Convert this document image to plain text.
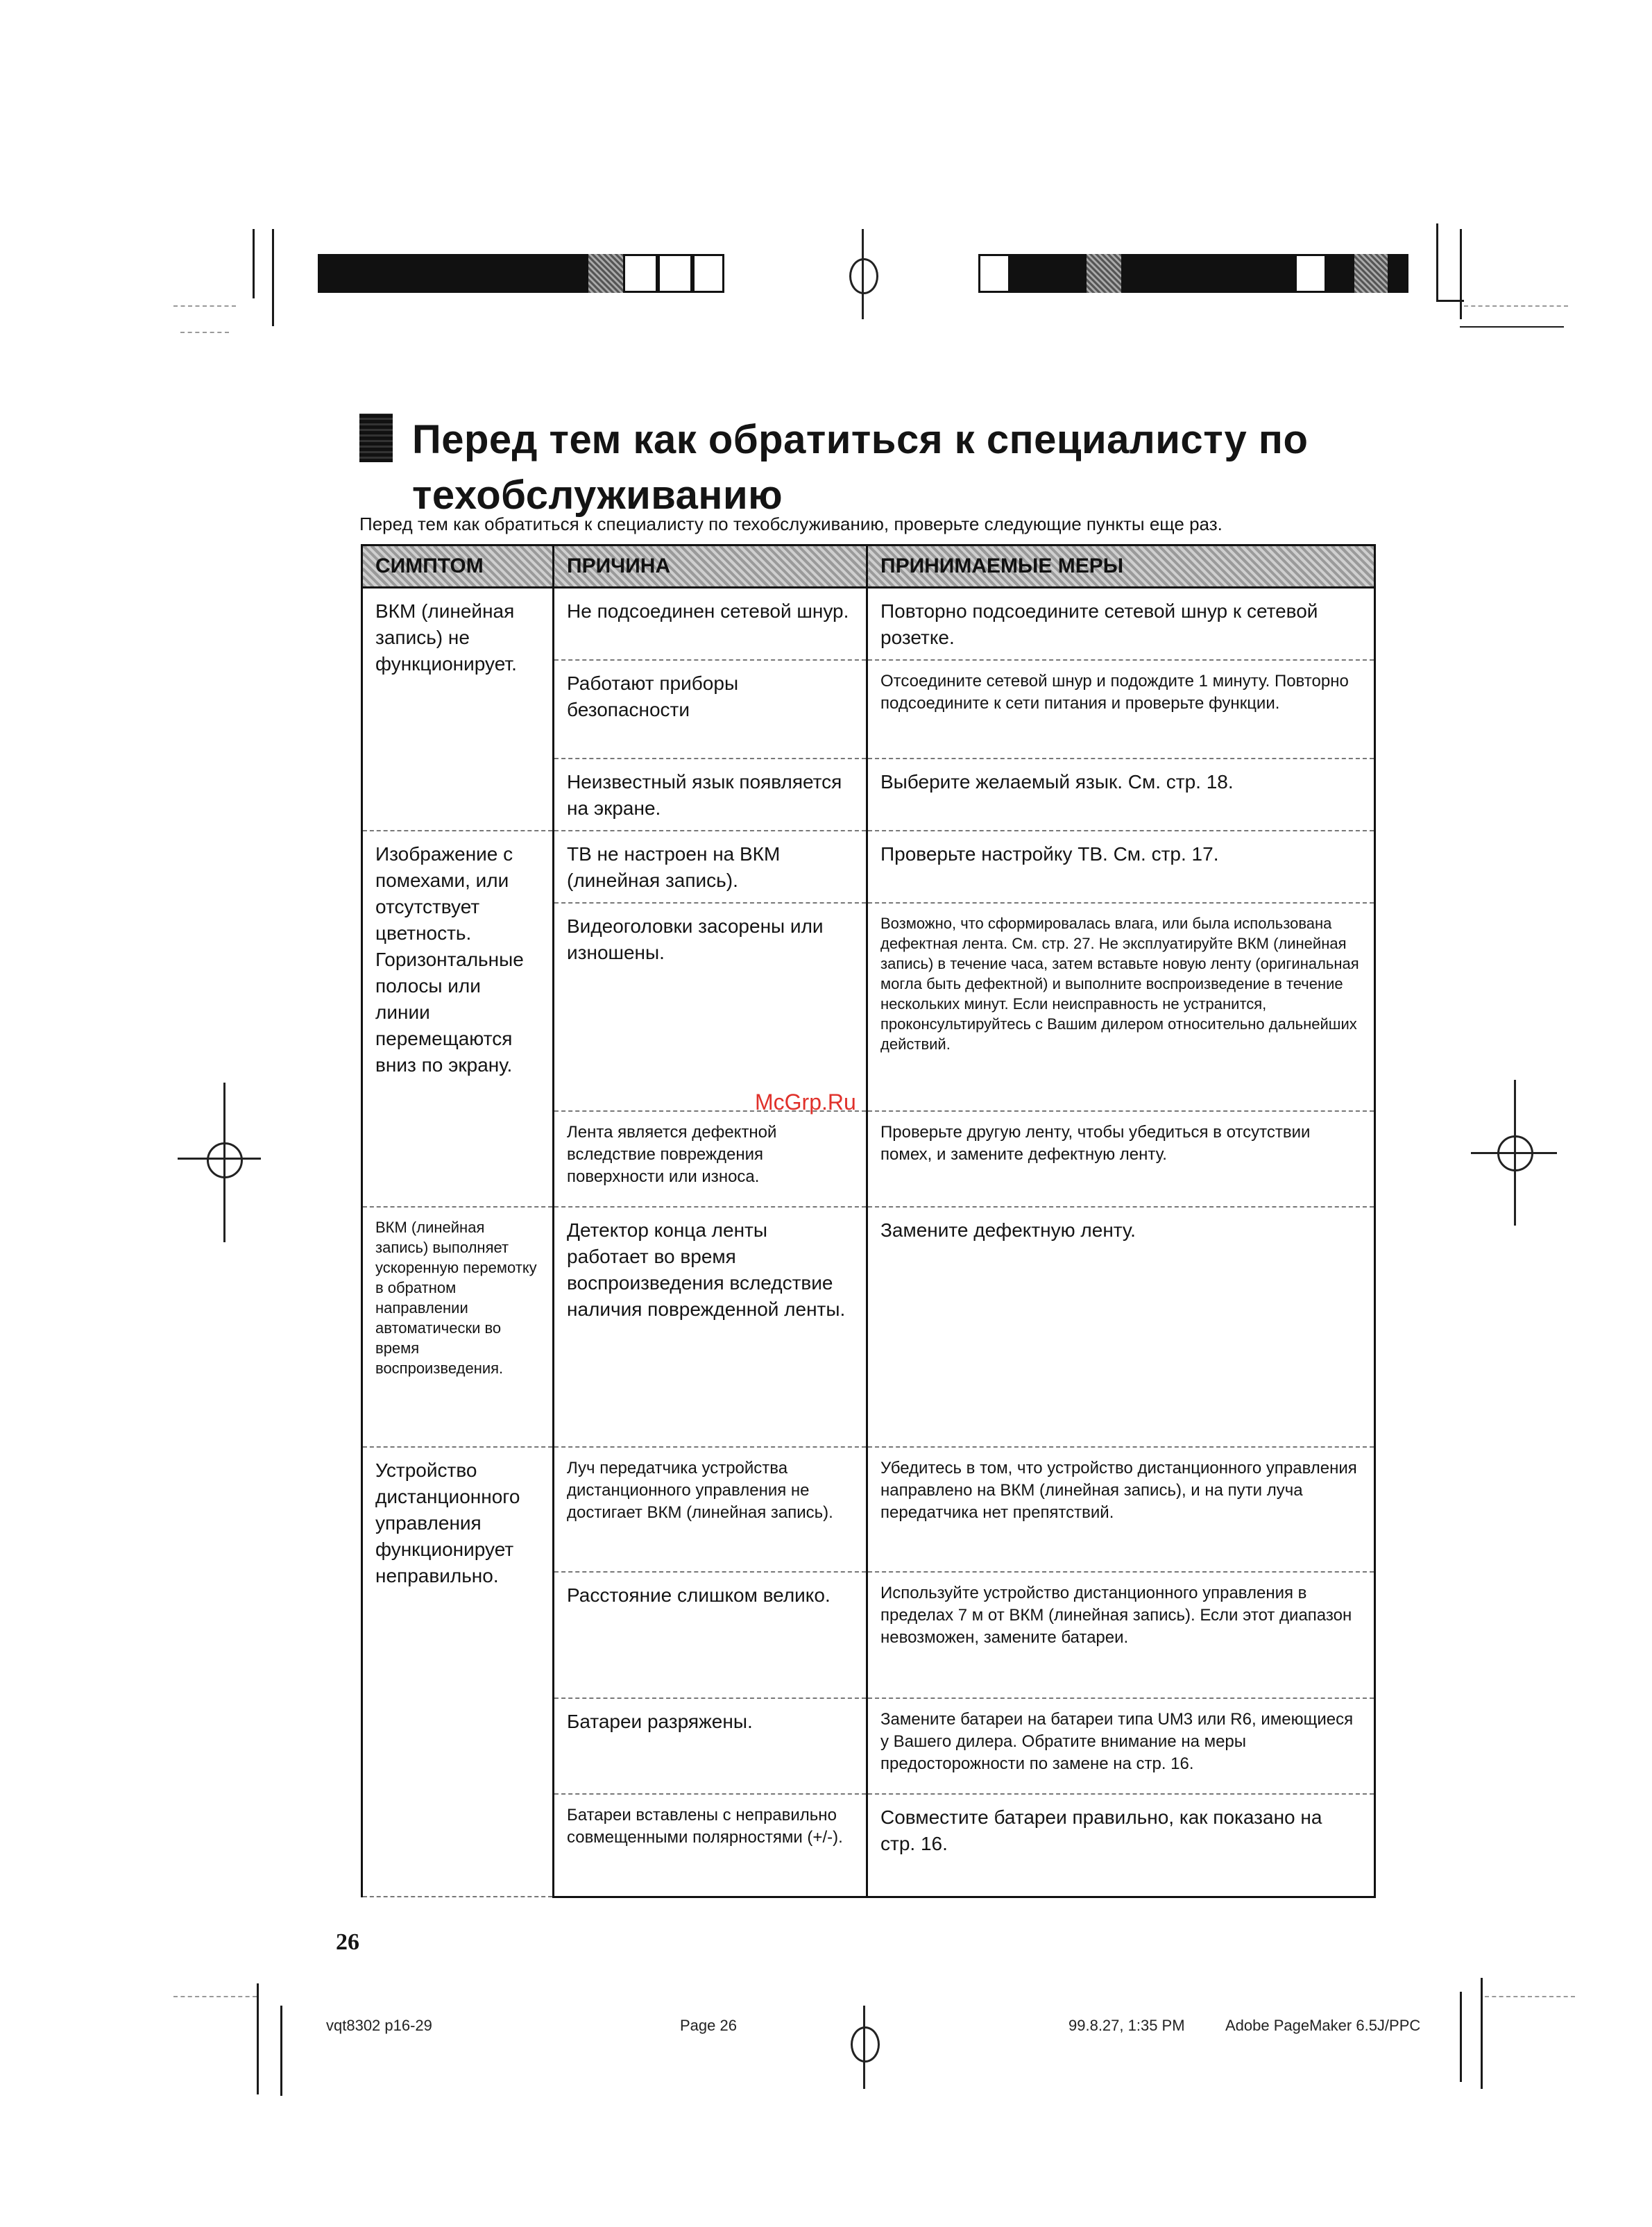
Перед тем как обратиться к специалисту по техобслуживанию
Перед тем как обратиться к специалисту по техобслуживанию, проверьте следующие пункты еще раз.
СИМПТОМ	ПРИЧИНА	ПРИНИМАЕМЫЕ МЕРЫ
ВКМ (линейная запись) не функционирует.	Не подсоединен сетевой шнур.	Повторно подсоедините сетевой шнур к сетевой розетке.
	Работают приборы безопасности	Отсоедините сетевой шнур и подождите 1 минуту. Повторно подсоедините к сети питания и проверьте функции.
	Неизвестный язык появляется на экране.	Выберите желаемый язык. См. стр. 18.
Изображение с помехами, или отсутствует цветность. Горизонтальные полосы или линии перемещаются вниз по экрану.	ТВ не настроен на ВКМ (линейная запись).	Проверьте настройку ТВ. См. стр. 17.
	Видеоголовки засорены или изношены.	Возможно, что сформировалась влага, или была использована дефектная лента. См. стр. 27. Не эксплуатируйте ВКМ (линейная запись) в течение часа, затем вставьте новую ленту (оригинальная могла быть дефектной) и выполните воспроизведение в течение нескольких минут. Если неисправность не устранится, проконсультируйтесь с Вашим дилером относительно дальнейших действий.
	Лента является дефектной вследствие повреждения поверхности или износа.	Проверьте другую ленту, чтобы убедиться в отсутствии помех, и замените дефектную ленту.
ВКМ (линейная запись) выполняет ускоренную перемотку в обратном направлении автоматически во время воспроизведения.	Детектор конца ленты работает во время воспроизведения вследствие наличия поврежденной ленты.	Замените дефектную ленту.
Устройство дистанционного управления функционирует неправильно.	Луч передатчика устройства дистанционного управления не достигает ВКМ (линейная запись).	Убедитесь в том, что устройство дистанционного управления направлено на ВКМ (линейная запись), и на пути луча передатчика нет препятствий.
	Расстояние слишком велико.	Используйте устройство дистанционного управления в пределах 7 м от ВКМ (линейная запись). Если этот диапазон невозможен, замените батареи.
	Батареи разряжены.	Замените батареи на батареи типа UM3 или R6, имеющиеся у Вашего дилера. Обратите внимание на меры предосторожности по замене на стр. 16.
	Батареи вставлены с неправильно совмещенными полярностями (+/-).	Совместите батареи правильно, как показано на стр. 16.
McGrp.Ru
26
vqt8302 p16-29	Page 26	99.8.27, 1:35 PM	Adobe PageMaker 6.5J/PPC
